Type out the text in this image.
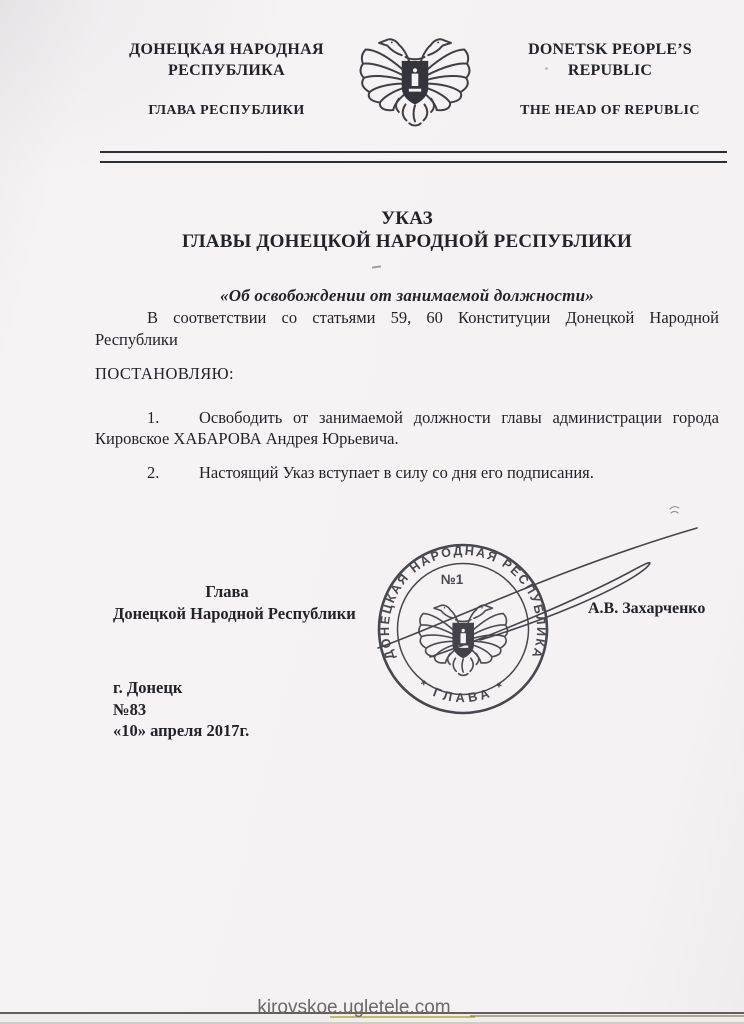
ДОНЕЦКАЯ НАРОДНАЯ
РЕСПУБЛИКА
ГЛАВА РЕСПУБЛИКИ
DONETSK PEOPLE’S
REPUBLIC
THE HEAD OF REPUBLIC
УКАЗ
ГЛАВЫ ДОНЕЦКОЙ НАРОДНОЙ РЕСПУБЛИКИ
«Об освобождении от занимаемой должности»
В соответствии со статьями 59, 60 Конституции Донецкой Народной
Республики
ПОСТАНОВЛЯЮ:
1. Освободить от занимаемой должности главы администрации города
Кировское ХАБАРОВА Андрея Юрьевича.
2. Настоящий Указ вступает в силу со дня его подписания.
Глава
Донецкой Народной Республики	А.В. Захарченко
ДОНЕЦКАЯ НАРОДНАЯ РЕСПУБЛИКА
* ГЛАВА *
№1
г. Донецк
№83
«10» апреля 2017г.
kirovskoe.ugletele.com
